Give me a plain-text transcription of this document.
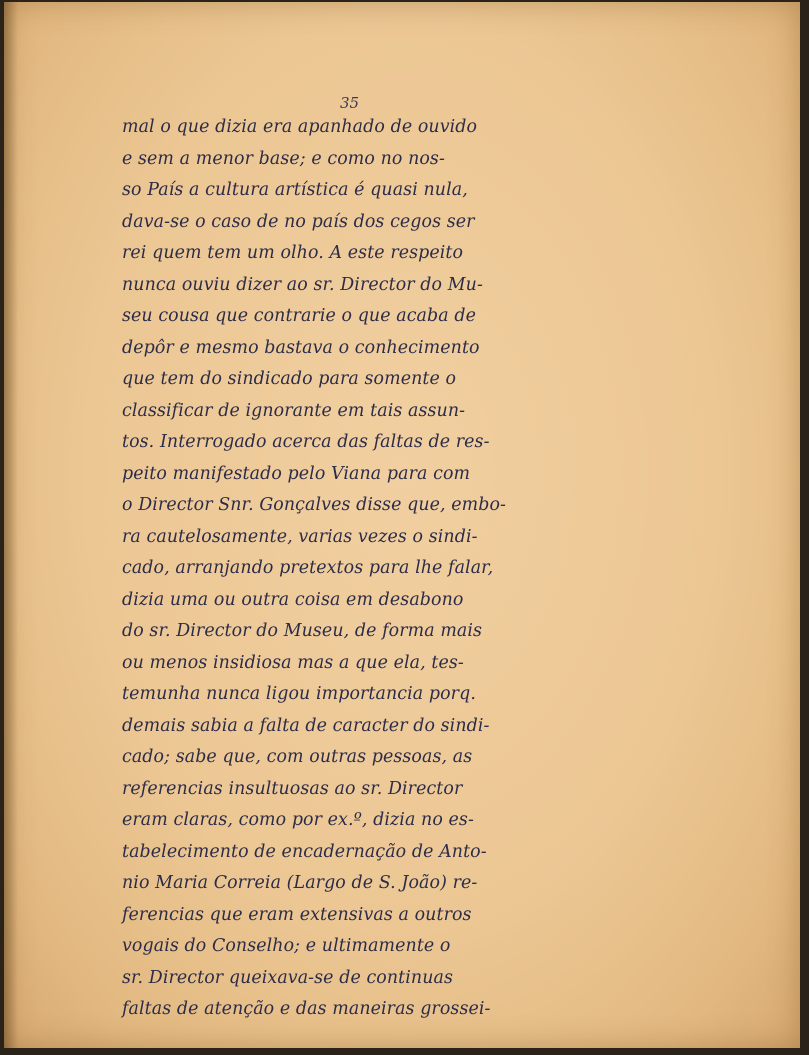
35
mal o que dizia era apanhado de ouvido
e sem a menor base; e como no nos-
so País a cultura artística é quasi nula,
dava-se o caso de no país dos cegos ser
rei quem tem um olho. A este respeito
nunca ouviu dizer ao sr. Director do Mu-
seu cousa que contrarie o que acaba de
depôr e mesmo bastava o conhecimento
que tem do sindicado para somente o
classificar de ignorante em tais assun-
tos. Interrogado acerca das faltas de res-
peito manifestado pelo Viana para com
o Director Snr. Gonçalves disse que, embo-
ra cautelosamente, varias vezes o sindi-
cado, arranjando pretextos para lhe falar,
dizia uma ou outra coisa em desabono
do sr. Director do Museu, de forma mais
ou menos insidiosa mas a que ela, tes-
temunha nunca ligou importancia porq.
demais sabia a falta de caracter do sindi-
cado; sabe que, com outras pessoas, as
referencias insultuosas ao sr. Director
eram claras, como por ex.º, dizia no es-
tabelecimento de encadernação de Anto-
nio Maria Correia (Largo de S. João) re-
ferencias que eram extensivas a outros
vogais do Conselho; e ultimamente o
sr. Director queixava-se de continuas
faltas de atenção e das maneiras grossei-
